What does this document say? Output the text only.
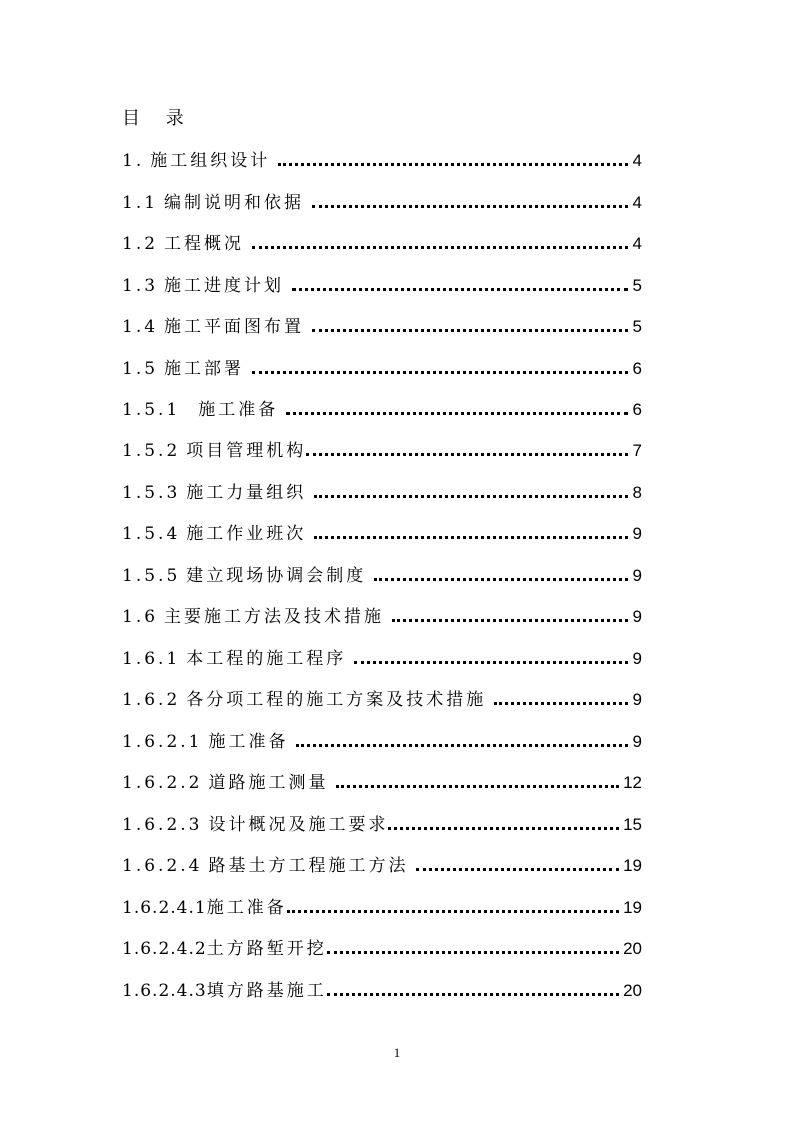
目 录
1. 施工组织设计	4
1.1 编制说明和依据	4
1.2 工程概况	4
1.3 施工进度计划	5
1.4 施工平面图布置	5
1.5 施工部署	6
1.5.1 施工准备	6
1.5.2 项目管理机构	7
1.5.3 施工力量组织	8
1.5.4 施工作业班次	9
1.5.5 建立现场协调会制度	9
1.6 主要施工方法及技术措施	9
1.6.1 本工程的施工程序	9
1.6.2 各分项工程的施工方案及技术措施	9
1.6.2.1 施工准备	9
1.6.2.2 道路施工测量	12
1.6.2.3 设计概况及施工要求	15
1.6.2.4 路基土方工程施工方法	19
1.6.2.4.1 施工准备	19
1.6.2.4.2 土方路堑开挖	20
1.6.2.4.3 填方路基施工	20
1
